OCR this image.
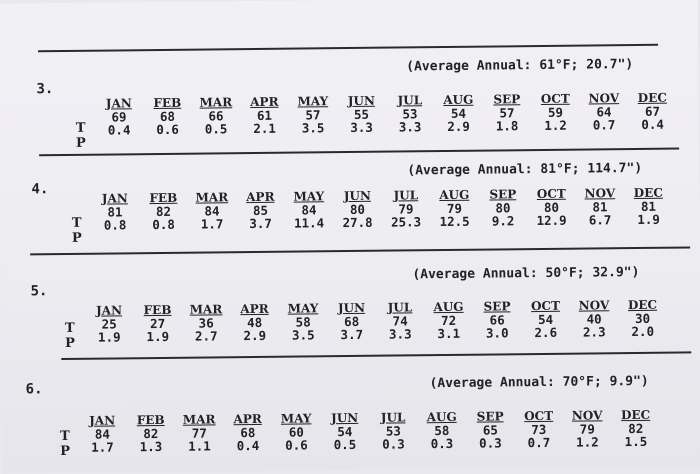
3.
(Average Annual: 61°F; 20.7")
T
P
JAN	FEB	MAR	APR	MAY	JUN	JUL	AUG	SEP	OCT	NOV	DEC
69	68	66	61	57	55	53	54	57	59	64	67
0.4	0.6	0.5	2.1	3.5	3.3	3.3	2.9	1.8	1.2	0.7	0.4
4.
(Average Annual: 81°F; 114.7")
T
P
JAN	FEB	MAR	APR	MAY	JUN	JUL	AUG	SEP	OCT	NOV	DEC
81	82	84	85	84	80	79	79	80	80	81	81
0.8	0.8	1.7	3.7	11.4	27.8	25.3	12.5	9.2	12.9	6.7	1.9
5.
(Average Annual: 50°F; 32.9")
T
P
JAN	FEB	MAR	APR	MAY	JUN	JUL	AUG	SEP	OCT	NOV	DEC
25	27	36	48	58	68	74	72	66	54	40	30
1.9	1.9	2.7	2.9	3.5	3.7	3.3	3.1	3.0	2.6	2.3	2.0
6.	(Average Annual: 70°F; 9.9")
T
P
JAN	FEB	MAR	APR	MAY	JUN	JUL	AUG	SEP	OCT	NOV	DEC
84	82	77	68	60	54	53	58	65	73	79	82
1.7	1.3	1.1	0.4	0.6	0.5	0.3	0.3	0.3	0.7	1.2	1.5
